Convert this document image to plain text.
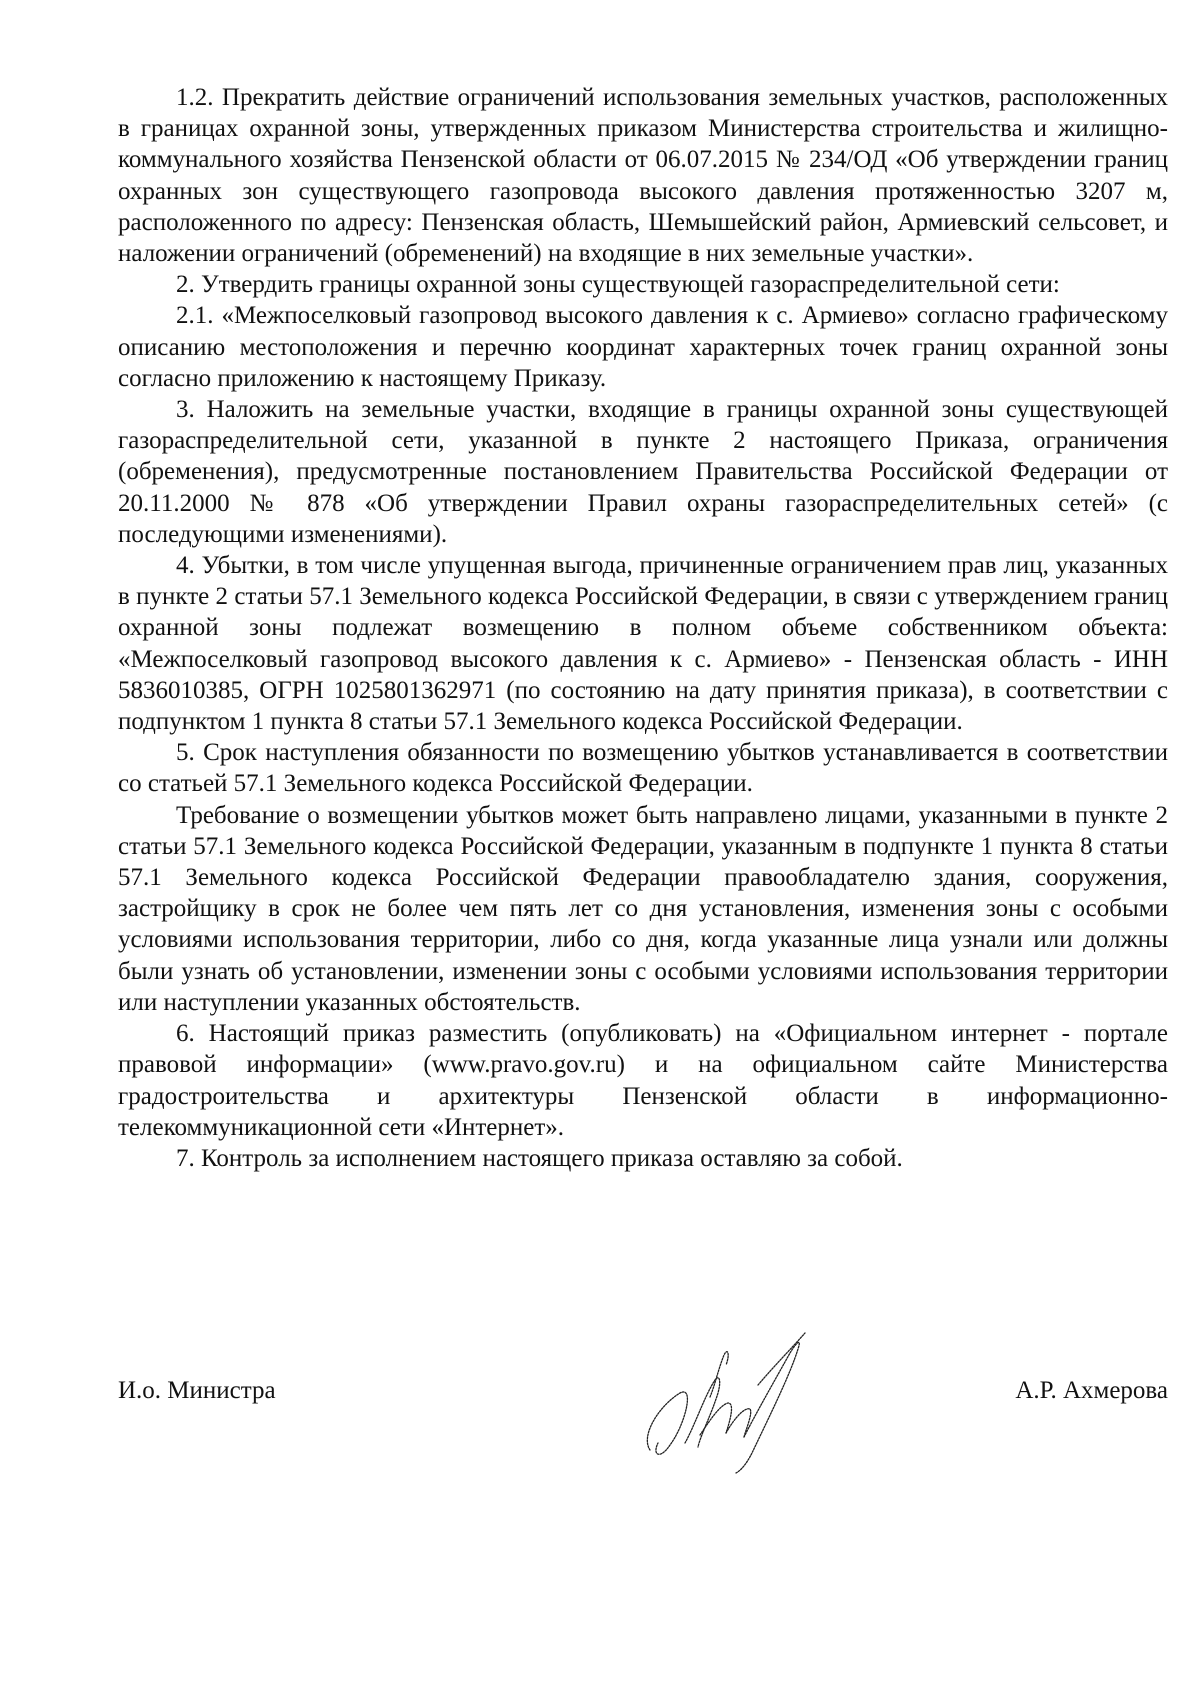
1.2. Прекратить действие ограничений использования земельных участков, расположенных в границах охранной зоны, утвержденных приказом Министерства строительства и жилищно-коммунального хозяйства Пензенской области от 06.07.2015 № 234/ОД «Об утверждении границ охранных зон существующего газопровода высокого давления протяженностью 3207 м, расположенного по адресу: Пензенская область, Шемышейский район, Армиевский сельсовет, и наложении ограничений (обременений) на входящие в них земельные участки».

2. Утвердить границы охранной зоны существующей газораспределительной сети:

2.1. «Межпоселковый газопровод высокого давления к с. Армиево» согласно графическому описанию местоположения и перечню координат характерных точек границ охранной зоны согласно приложению к настоящему Приказу.

3. Наложить на земельные участки, входящие в границы охранной зоны существующей газораспределительной сети, указанной в пункте 2 настоящего Приказа, ограничения (обременения), предусмотренные постановлением Правительства Российской Федерации от 20.11.2000 № 878 «Об утверждении Правил охраны газораспределительных сетей» (с последующими изменениями).

4. Убытки, в том числе упущенная выгода, причиненные ограничением прав лиц, указанных в пункте 2 статьи 57.1 Земельного кодекса Российской Федерации, в связи с утверждением границ охранной зоны подлежат возмещению в полном объеме собственником объекта: «Межпоселковый газопровод высокого давления к с. Армиево» - Пензенская область - ИНН 5836010385, ОГРН 1025801362971 (по состоянию на дату принятия приказа), в соответствии с подпунктом 1 пункта 8 статьи 57.1 Земельного кодекса Российской Федерации.

5. Срок наступления обязанности по возмещению убытков устанавливается в соответствии со статьей 57.1 Земельного кодекса Российской Федерации.

Требование о возмещении убытков может быть направлено лицами, указанными в пункте 2 статьи 57.1 Земельного кодекса Российской Федерации, указанным в подпункте 1 пункта 8 статьи 57.1 Земельного кодекса Российской Федерации правообладателю здания, сооружения, застройщику в срок не более чем пять лет со дня установления, изменения зоны с особыми условиями использования территории, либо со дня, когда указанные лица узнали или должны были узнать об установлении, изменении зоны с особыми условиями использования территории или наступлении указанных обстоятельств.

6. Настоящий приказ разместить (опубликовать) на «Официальном интернет - портале правовой информации» (www.pravo.gov.ru) и на официальном сайте Министерства градостроительства и архитектуры Пензенской области в информационно-телекоммуникационной сети «Интернет».

7. Контроль за исполнением настоящего приказа оставляю за собой.

И.о. Министра	А.Р. Ахмерова
